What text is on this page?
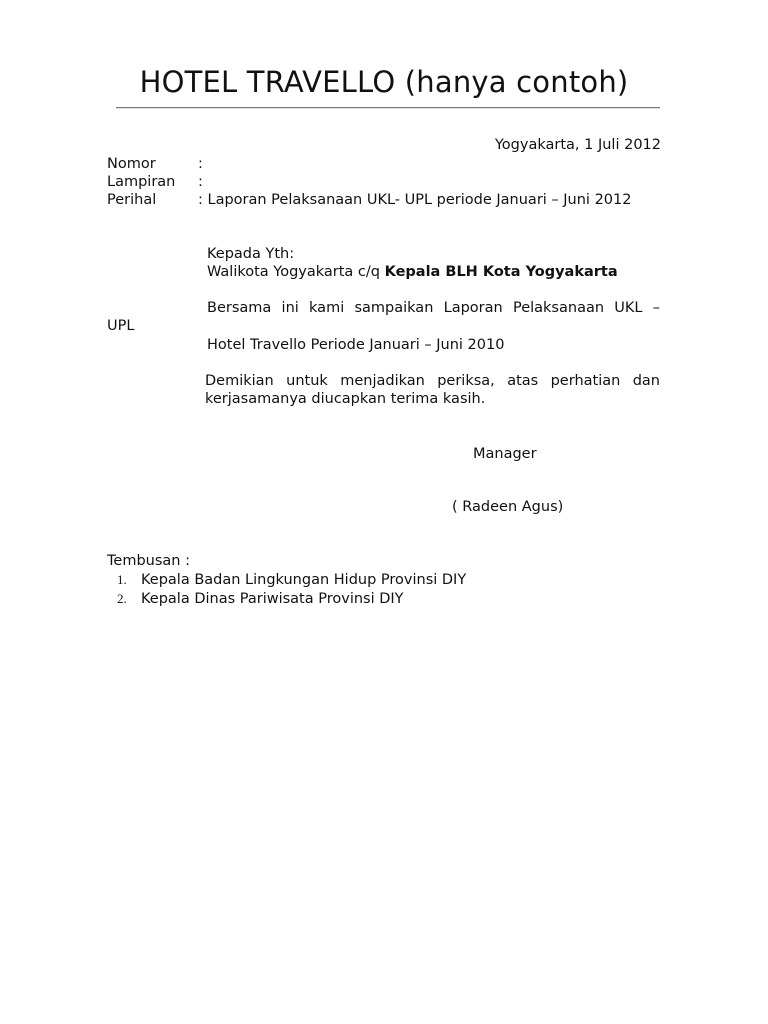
HOTEL TRAVELLO (hanya contoh)
Yogyakarta, 1 Juli 2012
Nomor	:
Lampiran :
Perihal	: Laporan Pelaksanaan UKL- UPL periode Januari – Juni 2012
Kepada Yth:
Walikota Yogyakarta c/q Kepala BLH Kota Yogyakarta
Bersama ini kami sampaikan Laporan Pelaksanaan UKL –
UPL
Hotel Travello Periode Januari – Juni 2010
Demikian untuk menjadikan periksa, atas perhatian dan kerjasamanya diucapkan terima kasih.
Manager
( Radeen Agus)
Tembusan :
1. Kepala Badan Lingkungan Hidup Provinsi DIY
2. Kepala Dinas Pariwisata Provinsi DIY
